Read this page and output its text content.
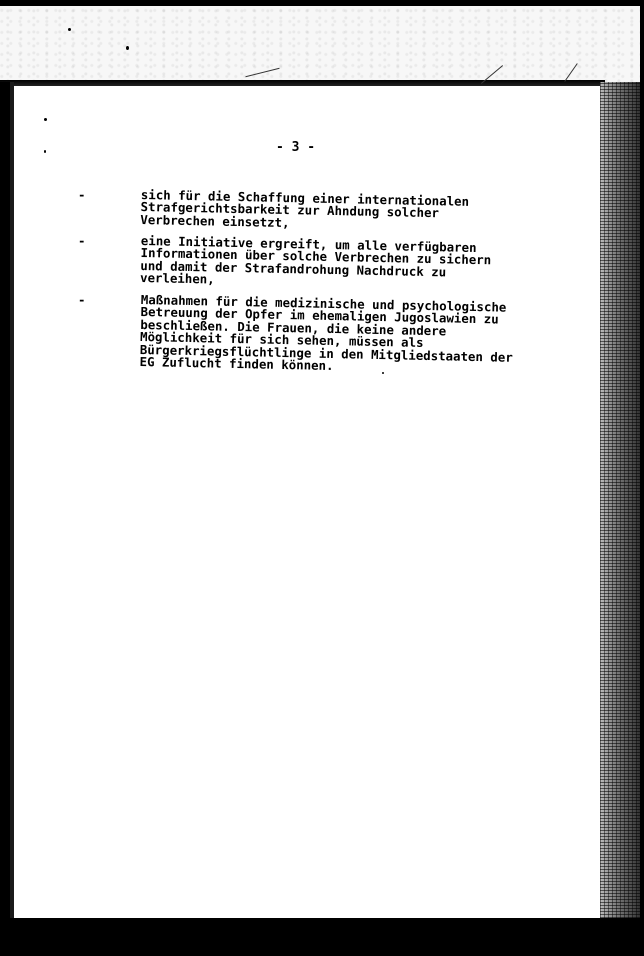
- 3 -

-	sich für die Schaffung einer internationalen
Strafgerichtsbarkeit zur Ahndung solcher
Verbrechen einsetzt,

-	eine Initiative ergreift, um alle verfügbaren
Informationen über solche Verbrechen zu sichern
und damit der Strafandrohung Nachdruck zu
verleihen,

-	Maßnahmen für die medizinische und psychologische
Betreuung der Opfer im ehemaligen Jugoslawien zu
beschließen. Die Frauen, die keine andere
Möglichkeit für sich sehen, müssen als
Bürgerkriegsflüchtlinge in den Mitgliedstaaten der
EG Zuflucht finden können.
